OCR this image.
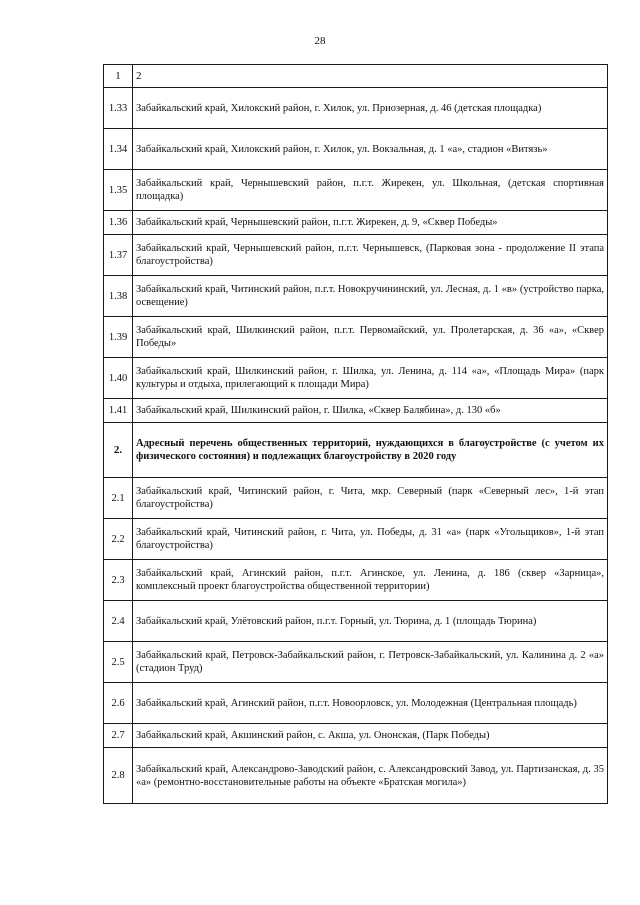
28
1	2
1.33	Забайкальский край, Хилокский район, г. Хилок, ул. Приозерная, д. 46 (детская площадка)
1.34	Забайкальский край, Хилокский район, г. Хилок, ул. Вокзальная, д. 1 «а», стадион «Витязь»
1.35	Забайкальский край, Чернышевский район, п.г.т. Жирекен, ул. Школьная, (детская спортивная площадка)
1.36	Забайкальский край, Чернышевский район, п.г.т. Жирекен, д. 9, «Сквер Победы»
1.37	Забайкальский край, Чернышевский район, п.г.т. Чернышевск, (Парковая зона - продолжение II этапа благоустройства)
1.38	Забайкальский край, Читинский район, п.г.т. Новокручининский, ул. Лесная, д. 1 «в» (устройство парка, освещение)
1.39	Забайкальский край, Шилкинский район, п.г.т. Первомайский, ул. Пролетарская, д. 36 «а», «Сквер Победы»
1.40	Забайкальский край, Шилкинский район, г. Шилка, ул. Ленина, д. 114 «а», «Площадь Мира» (парк культуры и отдыха, прилегающий к площади Мира)
1.41	Забайкальский край, Шилкинский район, г. Шилка, «Сквер Балябина», д. 130 «б»
2.	Адресный перечень общественных территорий, нуждающихся в благоустройстве (с учетом их физического состояния) и подлежащих благоустройству в 2020 году
2.1	Забайкальский край, Читинский район, г. Чита, мкр. Северный (парк «Северный лес», 1-й этап благоустройства)
2.2	Забайкальский край, Читинский район, г. Чита, ул. Победы, д. 31 «а» (парк «Угольщиков», 1-й этап благоустройства)
2.3	Забайкальский край, Агинский район, п.г.т. Агинское, ул. Ленина, д. 186 (сквер «Зарница», комплексный проект благоустройства общественной территории)
2.4	Забайкальский край, Улётовский район, п.г.т. Горный, ул. Тюрина, д. 1 (площадь Тюрина)
2.5	Забайкальский край, Петровск-Забайкальский район, г. Петровск-Забайкальский, ул. Калинина д. 2 «а» (стадион Труд)
2.6	Забайкальский край, Агинский район, п.г.т. Новоорловск, ул. Молодежная (Центральная площадь)
2.7	Забайкальский край, Акшинский район, с. Акша, ул. Ононская, (Парк Победы)
2.8	Забайкальский край, Александрово-Заводский район, с. Александровский Завод, ул. Партизанская, д. 35 «а» (ремонтно-восстановительные работы на объекте «Братская могила»)
